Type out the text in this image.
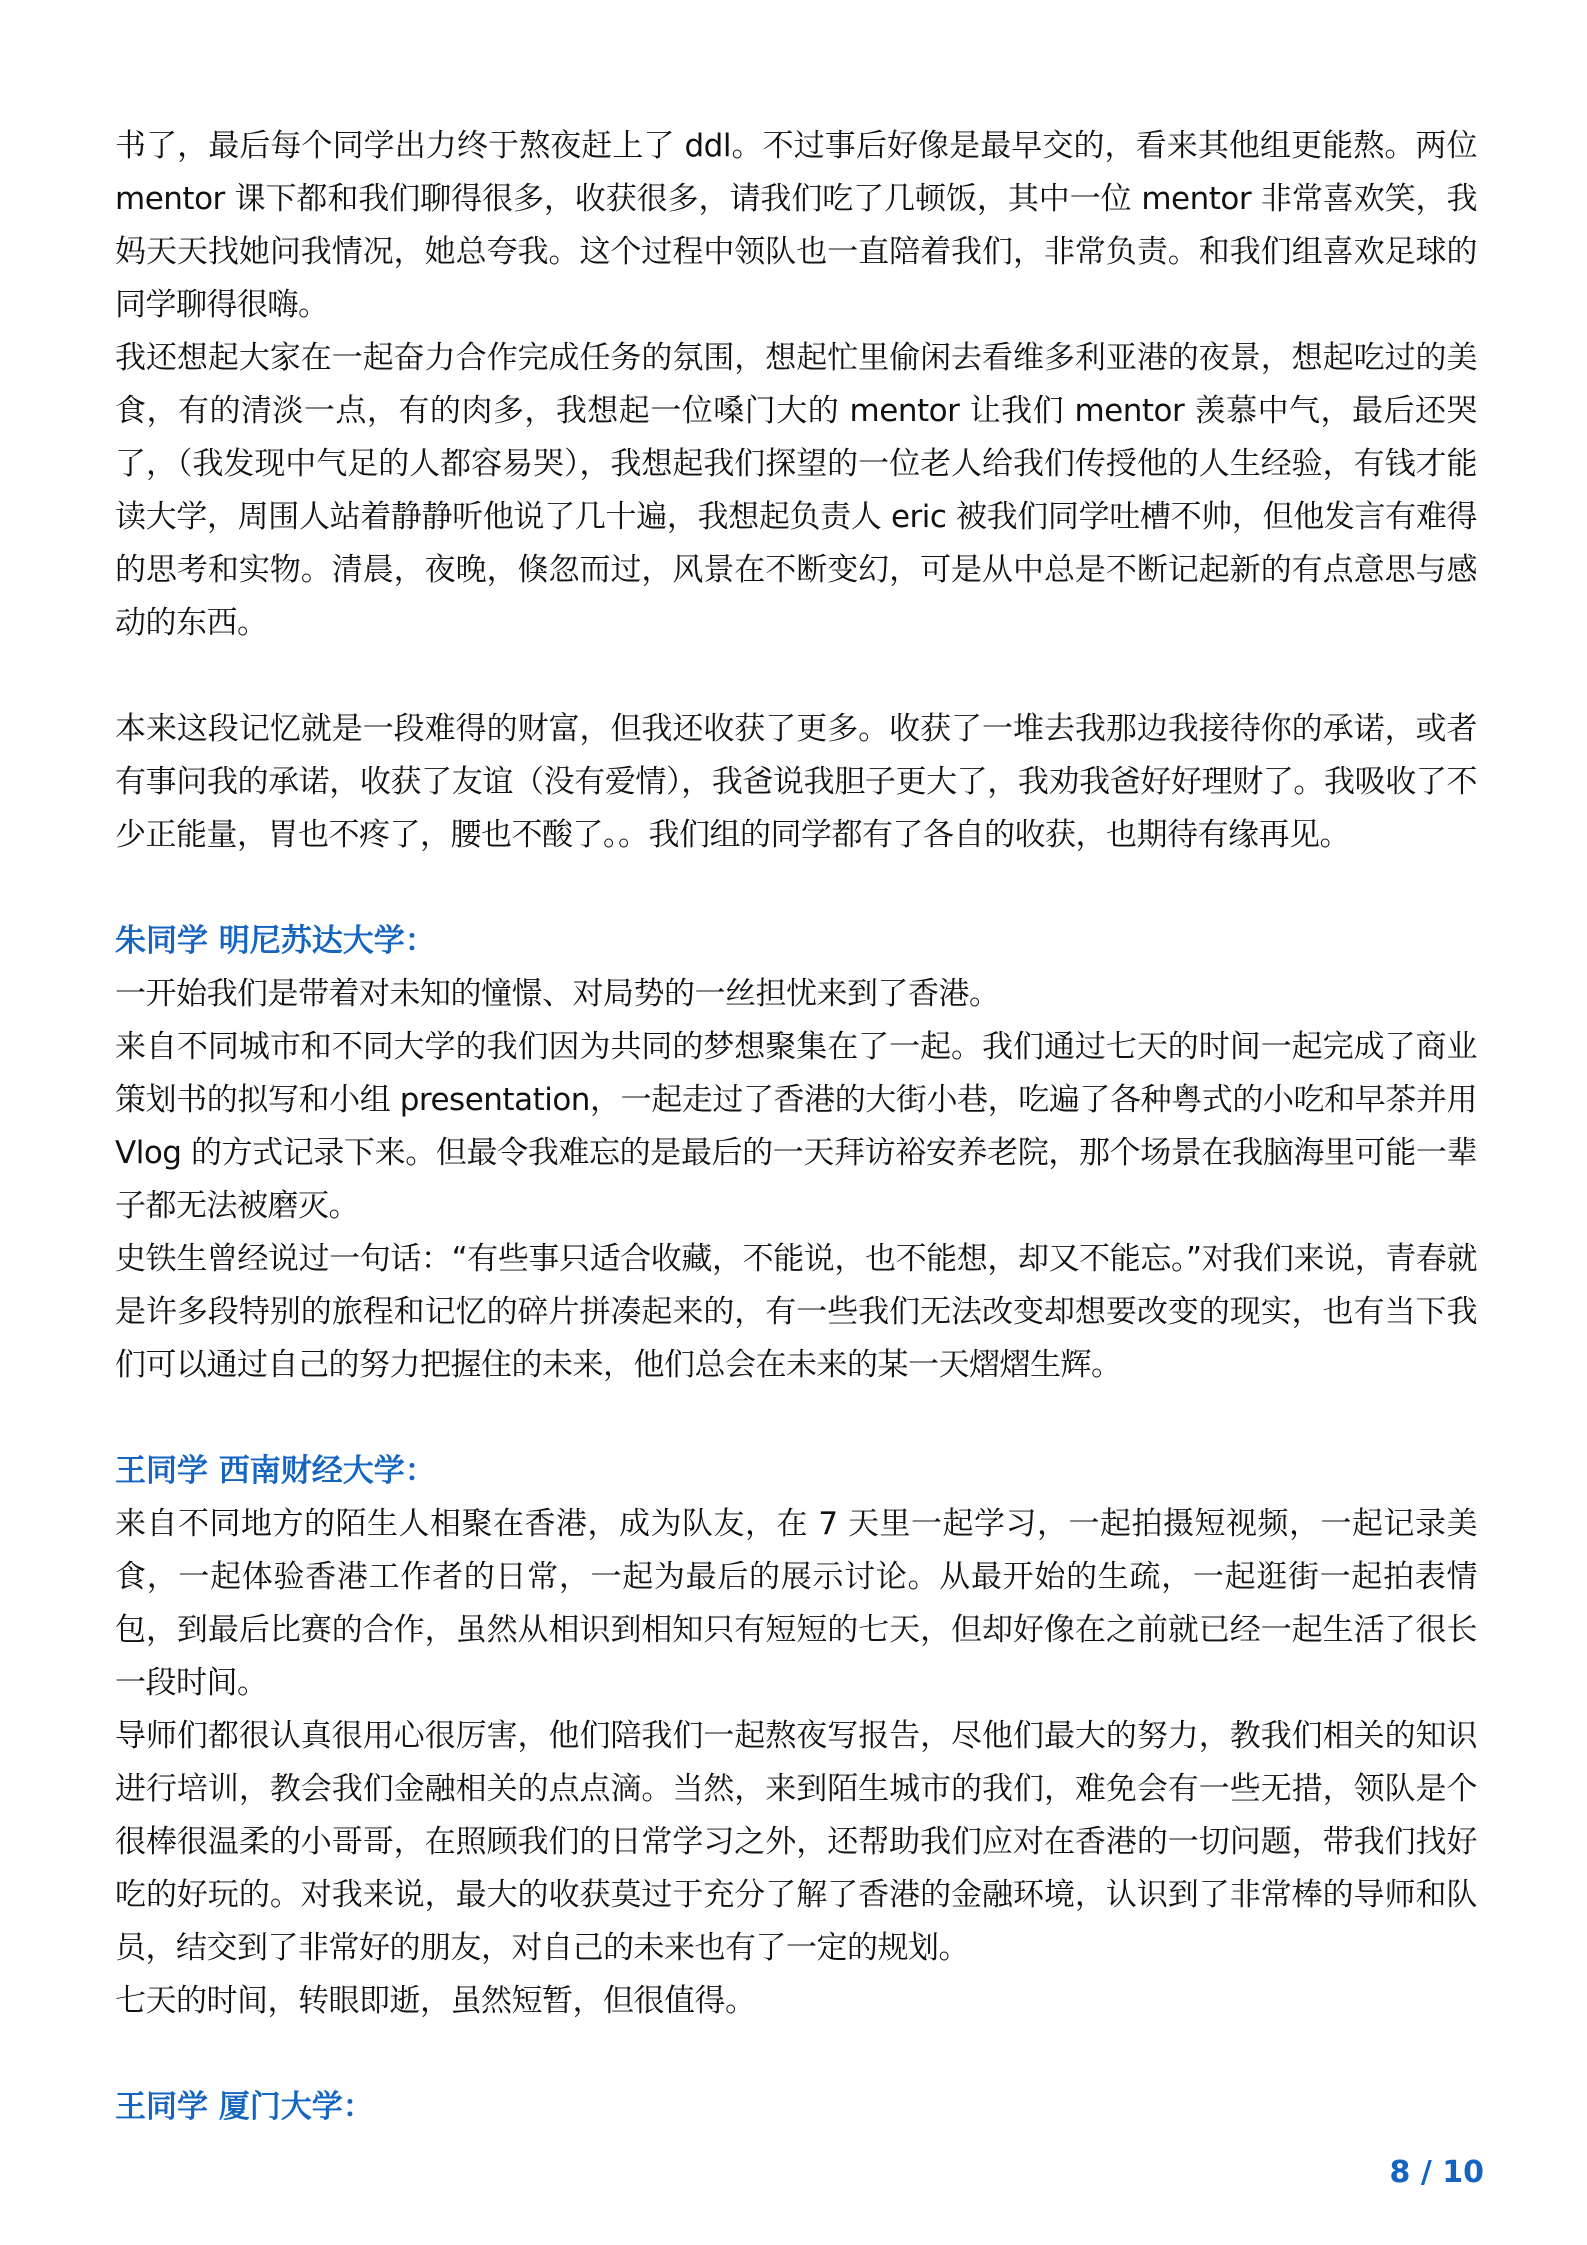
书了，最后每个同学出力终于熬夜赶上了 ddl。不过事后好像是最早交的，看来其他组更能熬。两位 mentor 课下都和我们聊得很多，收获很多，请我们吃了几顿饭，其中一位 mentor 非常喜欢笑，我妈天天找她问我情况，她总夸我。这个过程中领队也一直陪着我们，非常负责。和我们组喜欢足球的同学聊得很嗨。

我还想起大家在一起奋力合作完成任务的氛围，想起忙里偷闲去看维多利亚港的夜景，想起吃过的美食，有的清淡一点，有的肉多，我想起一位嗓门大的 mentor 让我们 mentor 羡慕中气，最后还哭了，（我发现中气足的人都容易哭），我想起我们探望的一位老人给我们传授他的人生经验，有钱才能读大学，周围人站着静静听他说了几十遍，我想起负责人 eric 被我们同学吐槽不帅，但他发言有难得的思考和实物。清晨，夜晚，倏忽而过，风景在不断变幻，可是从中总是不断记起新的有点意思与感动的东西。

本来这段记忆就是一段难得的财富，但我还收获了更多。收获了一堆去我那边我接待你的承诺，或者有事问我的承诺，收获了友谊（没有爱情），我爸说我胆子更大了，我劝我爸好好理财了。我吸收了不少正能量，胃也不疼了，腰也不酸了。。我们组的同学都有了各自的收获，也期待有缘再见。

朱同学 明尼苏达大学：

一开始我们是带着对未知的憧憬、对局势的一丝担忧来到了香港。

来自不同城市和不同大学的我们因为共同的梦想聚集在了一起。我们通过七天的时间一起完成了商业策划书的拟写和小组 presentation，一起走过了香港的大街小巷，吃遍了各种粤式的小吃和早茶并用 Vlog 的方式记录下来。但最令我难忘的是最后的一天拜访裕安养老院，那个场景在我脑海里可能一辈子都无法被磨灭。

史铁生曾经说过一句话：“有些事只适合收藏，不能说，也不能想，却又不能忘。”对我们来说，青春就是许多段特别的旅程和记忆的碎片拼凑起来的，有一些我们无法改变却想要改变的现实，也有当下我们可以通过自己的努力把握住的未来，他们总会在未来的某一天熠熠生辉。

王同学 西南财经大学：

来自不同地方的陌生人相聚在香港，成为队友，在 7 天里一起学习，一起拍摄短视频，一起记录美食，一起体验香港工作者的日常，一起为最后的展示讨论。从最开始的生疏，一起逛街一起拍表情包，到最后比赛的合作，虽然从相识到相知只有短短的七天，但却好像在之前就已经一起生活了很长一段时间。

导师们都很认真很用心很厉害，他们陪我们一起熬夜写报告，尽他们最大的努力，教我们相关的知识进行培训，教会我们金融相关的点点滴。当然，来到陌生城市的我们，难免会有一些无措，领队是个很棒很温柔的小哥哥，在照顾我们的日常学习之外，还帮助我们应对在香港的一切问题，带我们找好吃的好玩的。对我来说，最大的收获莫过于充分了解了香港的金融环境，认识到了非常棒的导师和队员，结交到了非常好的朋友，对自己的未来也有了一定的规划。

七天的时间，转眼即逝，虽然短暂，但很值得。

王同学 厦门大学：
8 / 10
